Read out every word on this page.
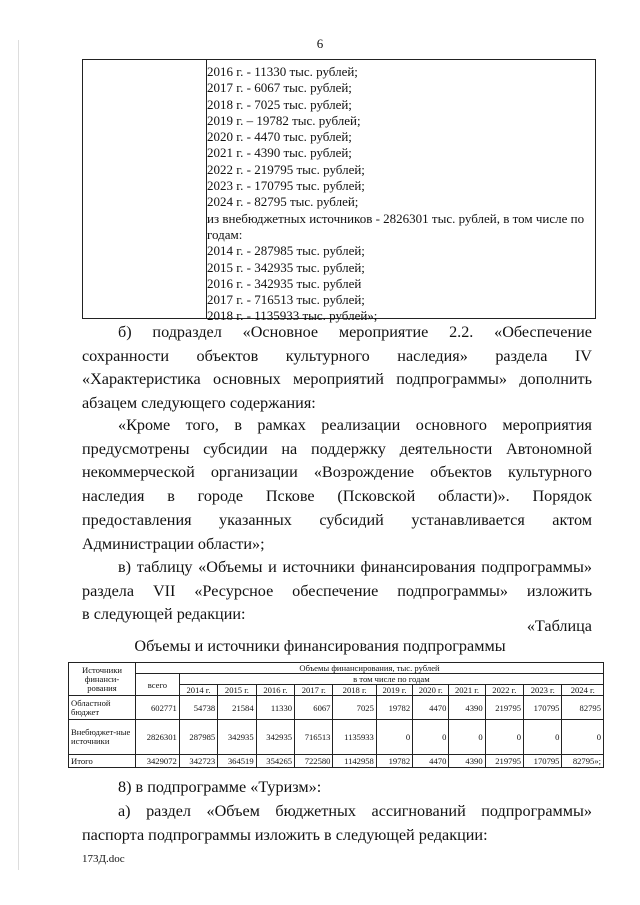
6
2016 г. - 11330 тыс. рублей;
2017 г. - 6067 тыс. рублей;
2018 г. - 7025 тыс. рублей;
2019 г. – 19782 тыс. рублей;
2020 г. - 4470 тыс. рублей;
2021 г. - 4390 тыс. рублей;
2022 г. - 219795 тыс. рублей;
2023 г. - 170795 тыс. рублей;
2024 г. - 82795 тыс. рублей;
из внебюджетных источников - 2826301 тыс. рублей, в том числе по годам:
2014 г. - 287985 тыс. рублей;
2015 г. - 342935 тыс. рублей;
2016 г. - 342935 тыс. рублей
2017 г. - 716513 тыс. рублей;
2018 г. - 1135933 тыс. рублей»;
б) подраздел «Основное мероприятие 2.2. «Обеспечение
сохранности объектов культурного наследия» раздела IV
«Характеристика основных мероприятий подпрограммы» дополнить
абзацем следующего содержания:
«Кроме того, в рамках реализации основного мероприятия
предусмотрены субсидии на поддержку деятельности Автономной
некоммерческой организации «Возрождение объектов культурного
наследия в городе Пскове (Псковской области)». Порядок
предоставления указанных субсидий устанавливается актом
Администрации области»;
в) таблицу «Объемы и источники финансирования подпрограммы»
раздела VII «Ресурсное обеспечение подпрограммы» изложить
в следующей редакции:
«Таблица
Объемы и источники финансирования подпрограммы
Источники финанси-рования	Объемы финансирования, тыс. рублей											
	всего	в том числе по годам										
		2014 г.	2015 г.	2016 г.	2017 г.	2018 г.	2019 г.	2020 г.	2021 г.	2022 г.	2023 г.	2024 г.
Областной бюджет	602771	54738	21584	11330	6067	7025	19782	4470	4390	219795	170795	82795
Внебюджет-ные источники	2826301	287985	342935	342935	716513	1135933	0	0	0	0	0	0
Итого	3429072	342723	364519	354265	722580	1142958	19782	4470	4390	219795	170795	82795»;
8) в подпрограмме «Туризм»:
а) раздел «Объем бюджетных ассигнований подпрограммы»
паспорта подпрограммы изложить в следующей редакции:
173Д.doc
